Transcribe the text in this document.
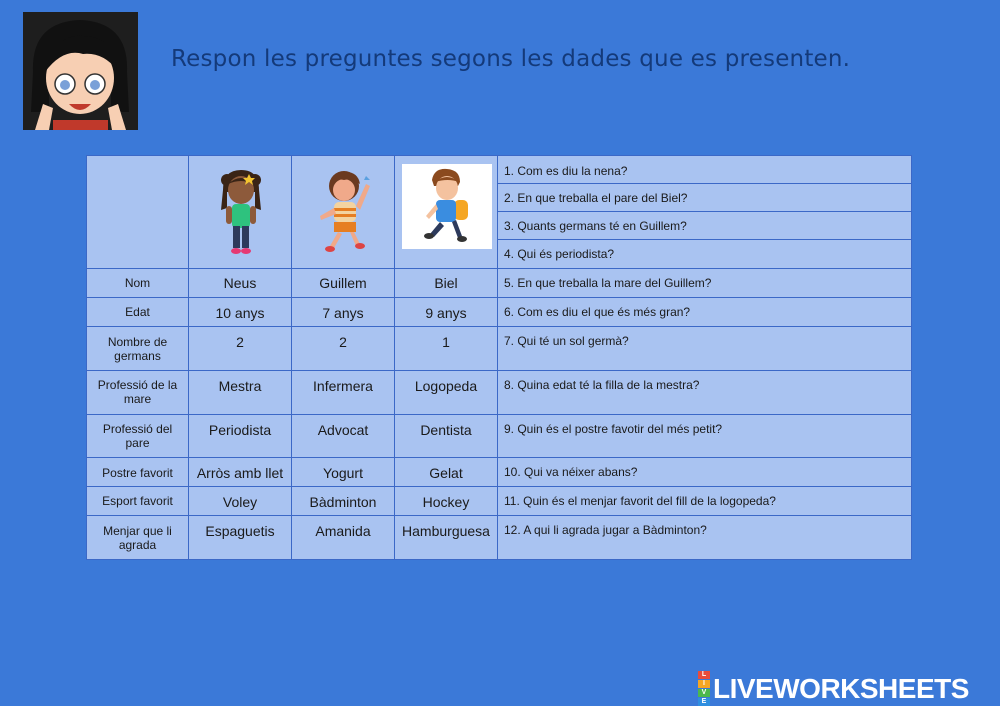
Respon les preguntes segons les dades que es presenten.
Nom
Edat
Nombre de germans
Professió de la mare
Professió del pare
Postre favorit
Esport favorit
Menjar que li agrada
Neus
10 anys
2
Mestra
Periodista
Arròs amb llet
Voley
Espaguetis
Guillem
7 anys
2
Infermera
Advocat
Yogurt
Bàdminton
Amanida
Biel
9 anys
1
Logopeda
Dentista
Gelat
Hockey
Hamburguesa
1. Com es diu la nena?
2. En que treballa el pare del Biel?
3. Quants germans té en Guillem?
4. Qui és periodista?
5. En que treballa la mare del Guillem?
6. Com es diu el que és més gran?
7. Qui té un sol germà?
8. Quina edat té la filla de la mestra?
9. Quin és el postre favotir del més petit?
10. Qui va néixer abans?
11. Quin és el menjar favorit del fill de la logopeda?
12. A qui li agrada jugar a Bàdminton?
L
I
V
E LIVEWORKSHEETS
